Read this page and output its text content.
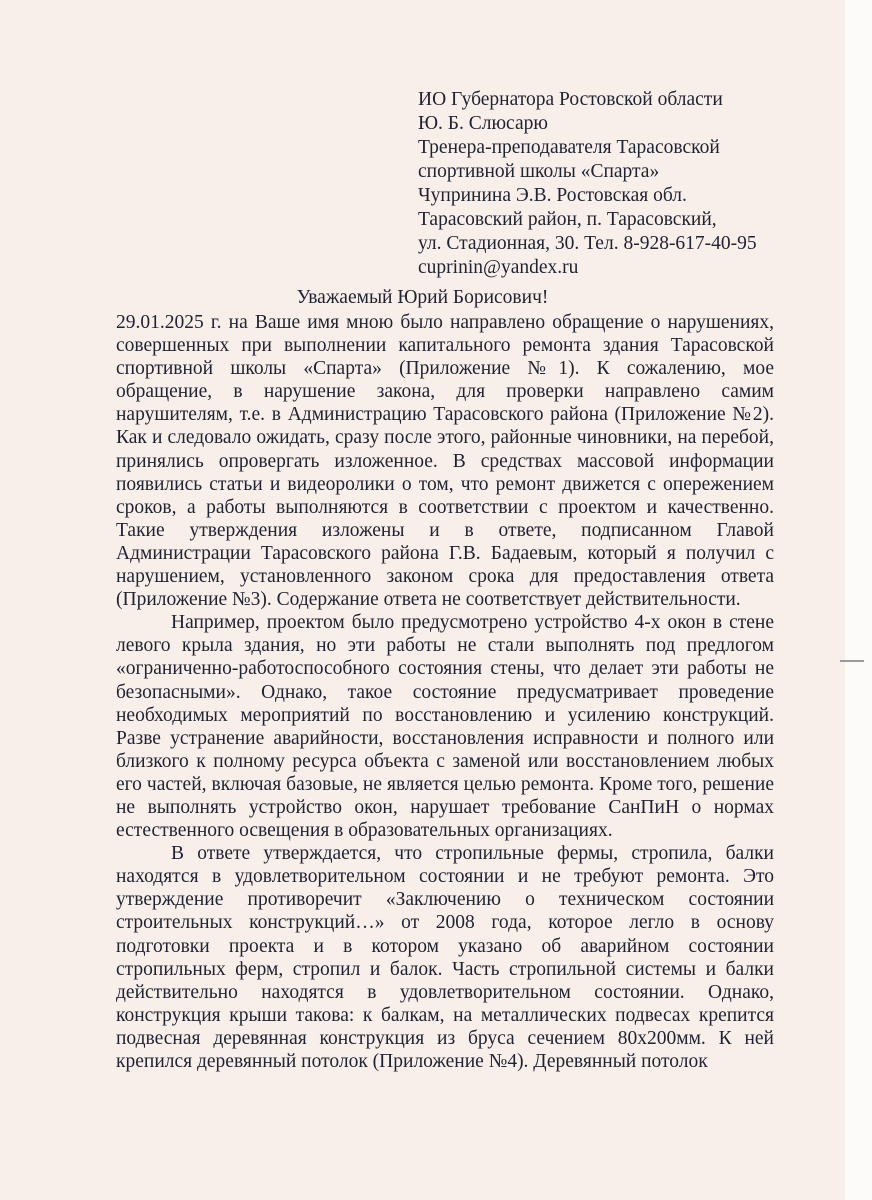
ИО Губернатора Ростовской области
Ю. Б. Слюсарю
Тренера-преподавателя Тарасовской
спортивной школы «Спарта»
Чупринина Э.В. Ростовская обл.
Тарасовский район, п. Тарасовский,
ул. Стадионная, 30. Тел. 8-928-617-40-95
cuprinin@yandex.ru
Уважаемый Юрий Борисович!

29.01.2025 г. на Ваше имя мною было направлено обращение о нарушениях, совершенных при выполнении капитального ремонта здания Тарасовской спортивной школы «Спарта» (Приложение №1). К сожалению, мое обращение, в нарушение закона, для проверки направлено самим нарушителям, т.е. в Администрацию Тарасовского района (Приложение №2). Как и следовало ожидать, сразу после этого, районные чиновники, на перебой, принялись опровергать изложенное. В средствах массовой информации появились статьи и видеоролики о том, что ремонт движется с опережением сроков, а работы выполняются в соответствии с проектом и качественно. Такие утверждения изложены и в ответе, подписанном Главой Администрации Тарасовского района Г.В. Бадаевым, который я получил с нарушением, установленного законом срока для предоставления ответа (Приложение №3). Содержание ответа не соответствует действительности.

Например, проектом было предусмотрено устройство 4-х окон в стене левого крыла здания, но эти работы не стали выполнять под предлогом «ограниченно-работоспособного состояния стены, что делает эти работы не безопасными». Однако, такое состояние предусматривает проведение необходимых мероприятий по восстановлению и усилению конструкций. Разве устранение аварийности, восстановления исправности и полного или близкого к полному ресурса объекта с заменой или восстановлением любых его частей, включая базовые, не является целью ремонта. Кроме того, решение не выполнять устройство окон, нарушает требование СанПиН о нормах естественного освещения в образовательных организациях.

В ответе утверждается, что стропильные фермы, стропила, балки находятся в удовлетворительном состоянии и не требуют ремонта. Это утверждение противоречит «Заключению о техническом состоянии строительных конструкций…» от 2008 года, которое легло в основу подготовки проекта и в котором указано об аварийном состоянии стропильных ферм, стропил и балок. Часть стропильной системы и балки действительно находятся в удовлетворительном состоянии. Однако, конструкция крыши такова: к балкам, на металлических подвесах крепится подвесная деревянная конструкция из бруса сечением 80х200мм. К ней крепился деревянный потолок (Приложение №4). Деревянный потолок
